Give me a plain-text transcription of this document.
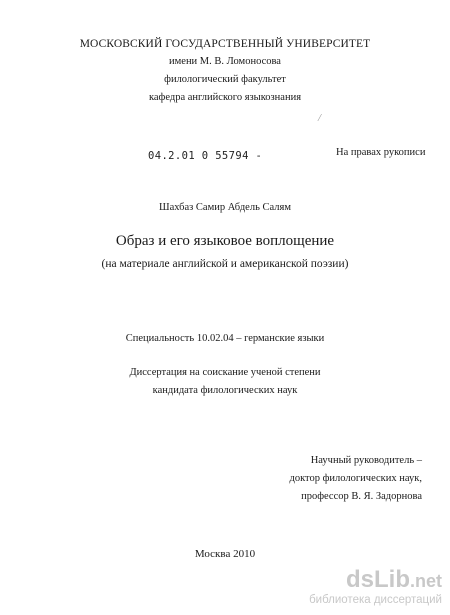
МОСКОВСКИЙ ГОСУДАРСТВЕННЫЙ УНИВЕРСИТЕТ
имени М. В. Ломоносова
филологический факультет
кафедра английского языкознания
/
04.2.01 0 55794 -	На правах рукописи
Шахбаз Самир Абдель Салям
Образ и его языковое воплощение
(на материале английской и американской поэзии)
Специальность 10.02.04 – германские языки
Диссертация на соискание ученой степени
кандидата филологических наук
Научный руководитель –
доктор филологических наук,
профессор В. Я. Задорнова
Москва 2010
dsLib.net
библиотека диссертаций
